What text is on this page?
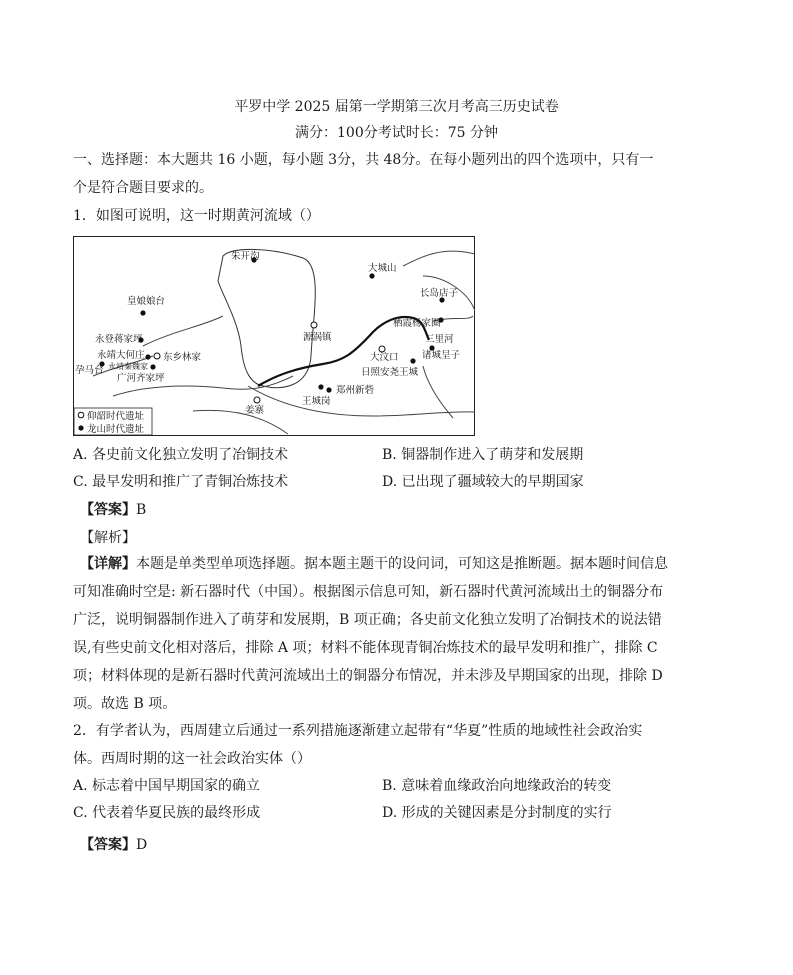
平罗中学 2025 届第一学期第三次月考高三历史试卷
满分：100分考试时长：75 分钟
一、选择题：本大题共 16 小题，每小题 3分，共 48分。在每小题列出的四个选项中，只有一个是符合题目要求的。
1．如图可说明，这一时期黄河流域（）
朱开沟
大城山
长岛店子
皇娘娘台
源涡镇
栖霞杨家圈
三里河
永登蒋家坪
大汶口 诸城呈子
永靖大何庄 东乡林家
孕马台 永靖秦魏家
广河齐家坪
日照安尧王城
郑州新砦
王城岗
姜寨
仰韶时代遗址
龙山时代遗址
A. 各史前文化独立发明了冶铜技术	B. 铜器制作进入了萌芽和发展期
C. 最早发明和推广了青铜冶炼技术	D. 已出现了疆域较大的早期国家
【答案】B
【解析】
【详解】本题是单类型单项选择题。据本题主题干的设问词，可知这是推断题。据本题时间信息可知准确时空是: 新石器时代（中国）。根据图示信息可知，新石器时代黄河流域出土的铜器分布广泛，说明铜器制作进入了萌芽和发展期，B 项正确；各史前文化独立发明了冶铜技术的说法错误,有些史前文化相对落后，排除 A 项；材料不能体现青铜冶炼技术的最早发明和推广，排除 C 项；材料体现的是新石器时代黄河流域出土的铜器分布情况，并未涉及早期国家的出现，排除 D 项。故选 B 项。
2．有学者认为，西周建立后通过一系列措施逐渐建立起带有“华夏”性质的地域性社会政治实体。西周时期的这一社会政治实体（）
A. 标志着中国早期国家的确立	B. 意味着血缘政治向地缘政治的转变
C. 代表着华夏民族的最终形成	D. 形成的关键因素是分封制度的实行
【答案】D
